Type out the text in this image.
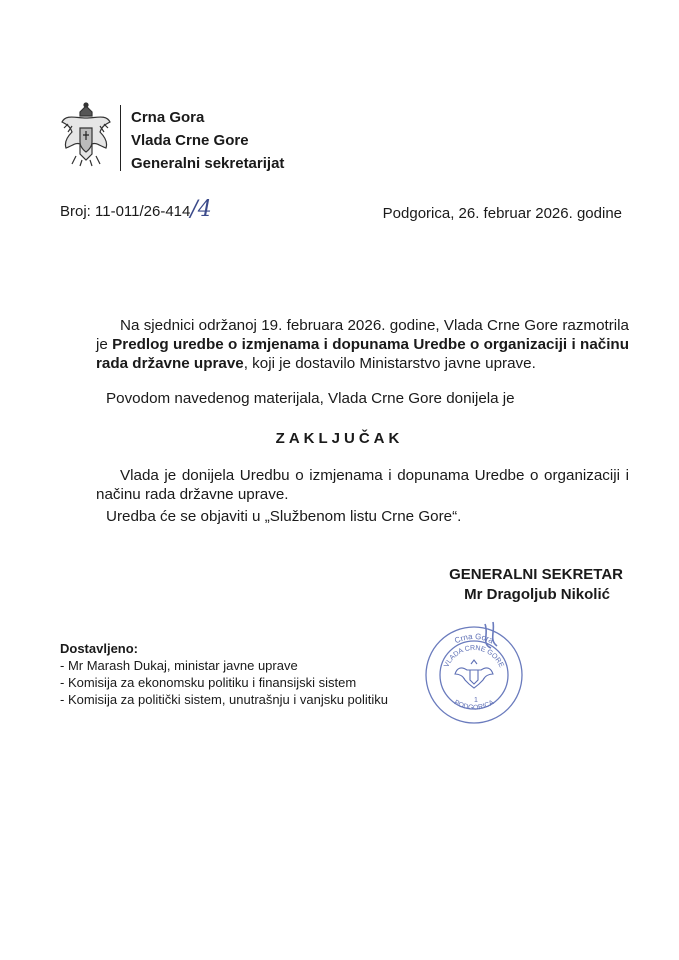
Crna Gora
Vlada Crne Gore
Generalni sekretarijat
Broj: 11-011/26-414/4	Podgorica, 26. februar 2026. godine
Na sjednici održanoj 19. februara 2026. godine, Vlada Crne Gore razmotrila je Predlog uredbe o izmjenama i dopunama Uredbe o organizaciji i načinu rada državne uprave, koji je dostavilo Ministarstvo javne uprave.
Povodom navedenog materijala, Vlada Crne Gore donijela je
ZAKLJUČAK
Vlada je donijela Uredbu o izmjenama i dopunama Uredbe o organizaciji i načinu rada državne uprave.
Uredba će se objaviti u „Službenom listu Crne Gore“.
GENERALNI SEKRETAR
Mr Dragoljub Nikolić
Crna Gora
VLADA CRNE GORE
PODGORICA
1
Dostavljeno:
- Mr Marash Dukaj, ministar javne uprave
- Komisija za ekonomsku politiku i finansijski sistem
- Komisija za politički sistem, unutrašnju i vanjsku politiku
